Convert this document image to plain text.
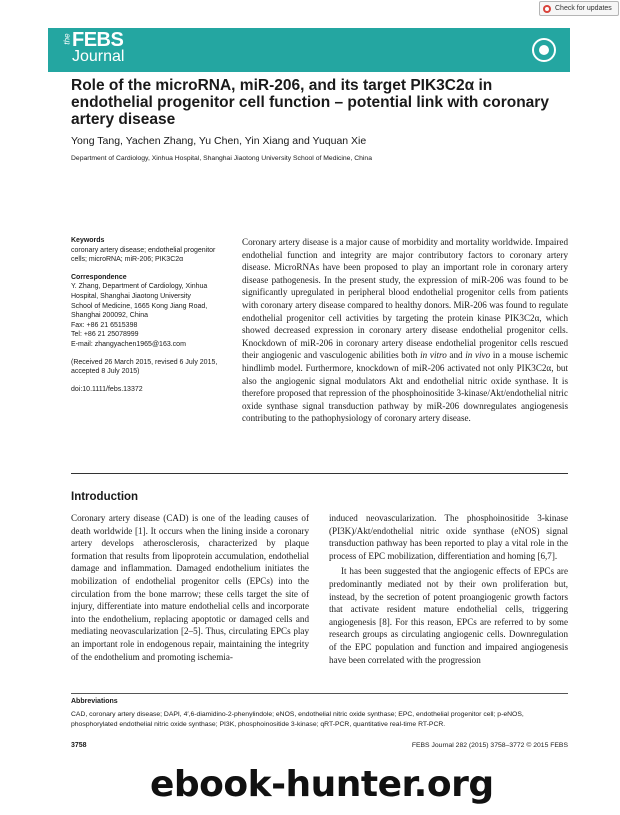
Check for updates
the FEBS
Journal
Role of the microRNA, miR-206, and its target PIK3C2α in endothelial progenitor cell function – potential link with coronary artery disease

Yong Tang, Yachen Zhang, Yu Chen, Yin Xiang and Yuquan Xie

Department of Cardiology, Xinhua Hospital, Shanghai Jiaotong University School of Medicine, China

Keywords

coronary artery disease; endothelial progenitor cells; microRNA; miR-206; PIK3C2α

Correspondence

Y. Zhang, Department of Cardiology, Xinhua

Hospital, Shanghai Jiaotong University

School of Medicine, 1665 Kong Jiang Road,

Shanghai 200092, China

Fax: +86 21 6515398

Tel: +86 21 25078999

E-mail: zhangyachen1965@163.com

(Received 26 March 2015, revised 6 July 2015, accepted 8 July 2015)

doi:10.1111/febs.13372

Coronary artery disease is a major cause of morbidity and mortality worldwide. Impaired endothelial function and integrity are major contributory factors to coronary artery disease. MicroRNAs have been proposed to play an important role in coronary artery disease pathogenesis. In the present study, the expression of miR-206 was found to be significantly upregulated in peripheral blood endothelial progenitor cells from patients with coronary artery disease compared to healthy donors. MiR-206 was found to regulate endothelial progenitor cell activities by targeting the protein kinase PIK3C2α, which showed decreased expression in coronary artery disease endothelial progenitor cells. Knockdown of miR-206 in coronary artery disease endothelial progenitor cells rescued their angiogenic and vasculogenic abilities both in vitro and in vivo in a mouse ischemic hindlimb model. Furthermore, knockdown of miR-206 activated not only PIK3C2α, but also the angiogenic signal modulators Akt and endothelial nitric oxide synthase. It is therefore proposed that repression of the phosphoinositide 3-kinase/Akt/endothelial nitric oxide synthase signal transduction pathway by miR-206 downregulates angiogenesis contributing to the pathophysiology of coronary artery disease.

Introduction

Coronary artery disease (CAD) is one of the leading causes of death worldwide [1]. It occurs when the lining inside a coronary artery develops atherosclerosis, characterized by plaque formation that results from lipoprotein accumulation, endothelial damage and inflammation. Damaged endothelium initiates the mobilization of endothelial progenitor cells (EPCs) into the circulation from the bone marrow; these cells target the site of injury, differentiate into mature endothelial cells and incorporate into the endothelium, replacing apoptotic or damaged cells and mediating neovascularization [2–5]. Thus, circulating EPCs play an important role in endogenous repair, maintaining the integrity of the endothelium and promoting ischemia-

induced neovascularization. The phosphoinositide 3-kinase (PI3K)/Akt/endothelial nitric oxide synthase (eNOS) signal transduction pathway has been reported to play a vital role in the process of EPC mobilization, differentiation and homing [6,7].

It has been suggested that the angiogenic effects of EPCs are predominantly mediated not by their own proliferation but, instead, by the secretion of potent proangiogenic growth factors that activate resident mature endothelial cells, triggering angiogenesis [8]. For this reason, EPCs are referred to by some research groups as circulating angiogenic cells. Downregulation of the EPC population and function and impaired angiogenesis have been correlated with the progression

Abbreviations

CAD, coronary artery disease; DAPI, 4′,6-diamidino-2-phenylindole; eNOS, endothelial nitric oxide synthase; EPC, endothelial progenitor cell; p-eNOS, phosphorylated endothelial nitric oxide synthase; PI3K, phosphoinositide 3-kinase; qRT-PCR, quantitative real-time RT-PCR.

3758	FEBS Journal 282 (2015) 3758–3772 © 2015 FEBS

ebook-hunter.org
